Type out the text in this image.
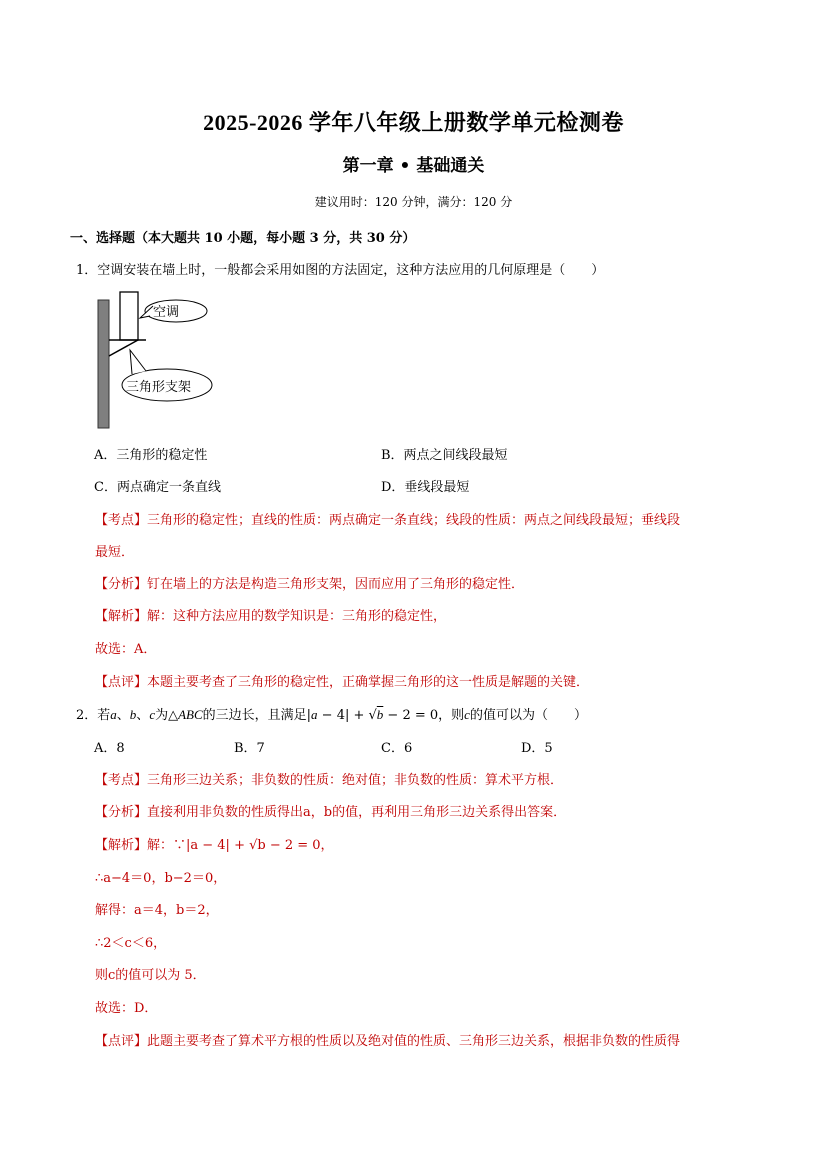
2025-2026 学年八年级上册数学单元检测卷
第一章 • 基础通关
建议用时：120 分钟，满分：120 分
一、选择题（本大题共 10 小题，每小题 3 分，共 30 分）
1．空调安装在墙上时，一般都会采用如图的方法固定，这种方法应用的几何原理是（　　）
空调
三角形支架
A．三角形的稳定性	B．两点之间线段最短
C．两点确定一条直线	D．垂线段最短
【考点】三角形的稳定性；直线的性质：两点确定一条直线；线段的性质：两点之间线段最短；垂线段
最短．
【分析】钉在墙上的方法是构造三角形支架，因而应用了三角形的稳定性．
【解析】解：这种方法应用的数学知识是：三角形的稳定性，
故选：A．
【点评】本题主要考查了三角形的稳定性，正确掌握三角形的这一性质是解题的关键．
2．若a、b、c为△ABC的三边长，且满足|a − 4| + √b − 2 = 0，则c的值可以为（　　）
A．8	B．7	C．6	D．5
【考点】三角形三边关系；非负数的性质：绝对值；非负数的性质：算术平方根．
【分析】直接利用非负数的性质得出a，b的值，再利用三角形三边关系得出答案．
【解析】解：∵|a − 4| + √b − 2 = 0，
∴a−4＝0，b−2＝0，
解得：a＝4，b＝2，
∴2＜c＜6，
则c的值可以为 5．
故选：D．
【点评】此题主要考查了算术平方根的性质以及绝对值的性质、三角形三边关系，根据非负数的性质得
